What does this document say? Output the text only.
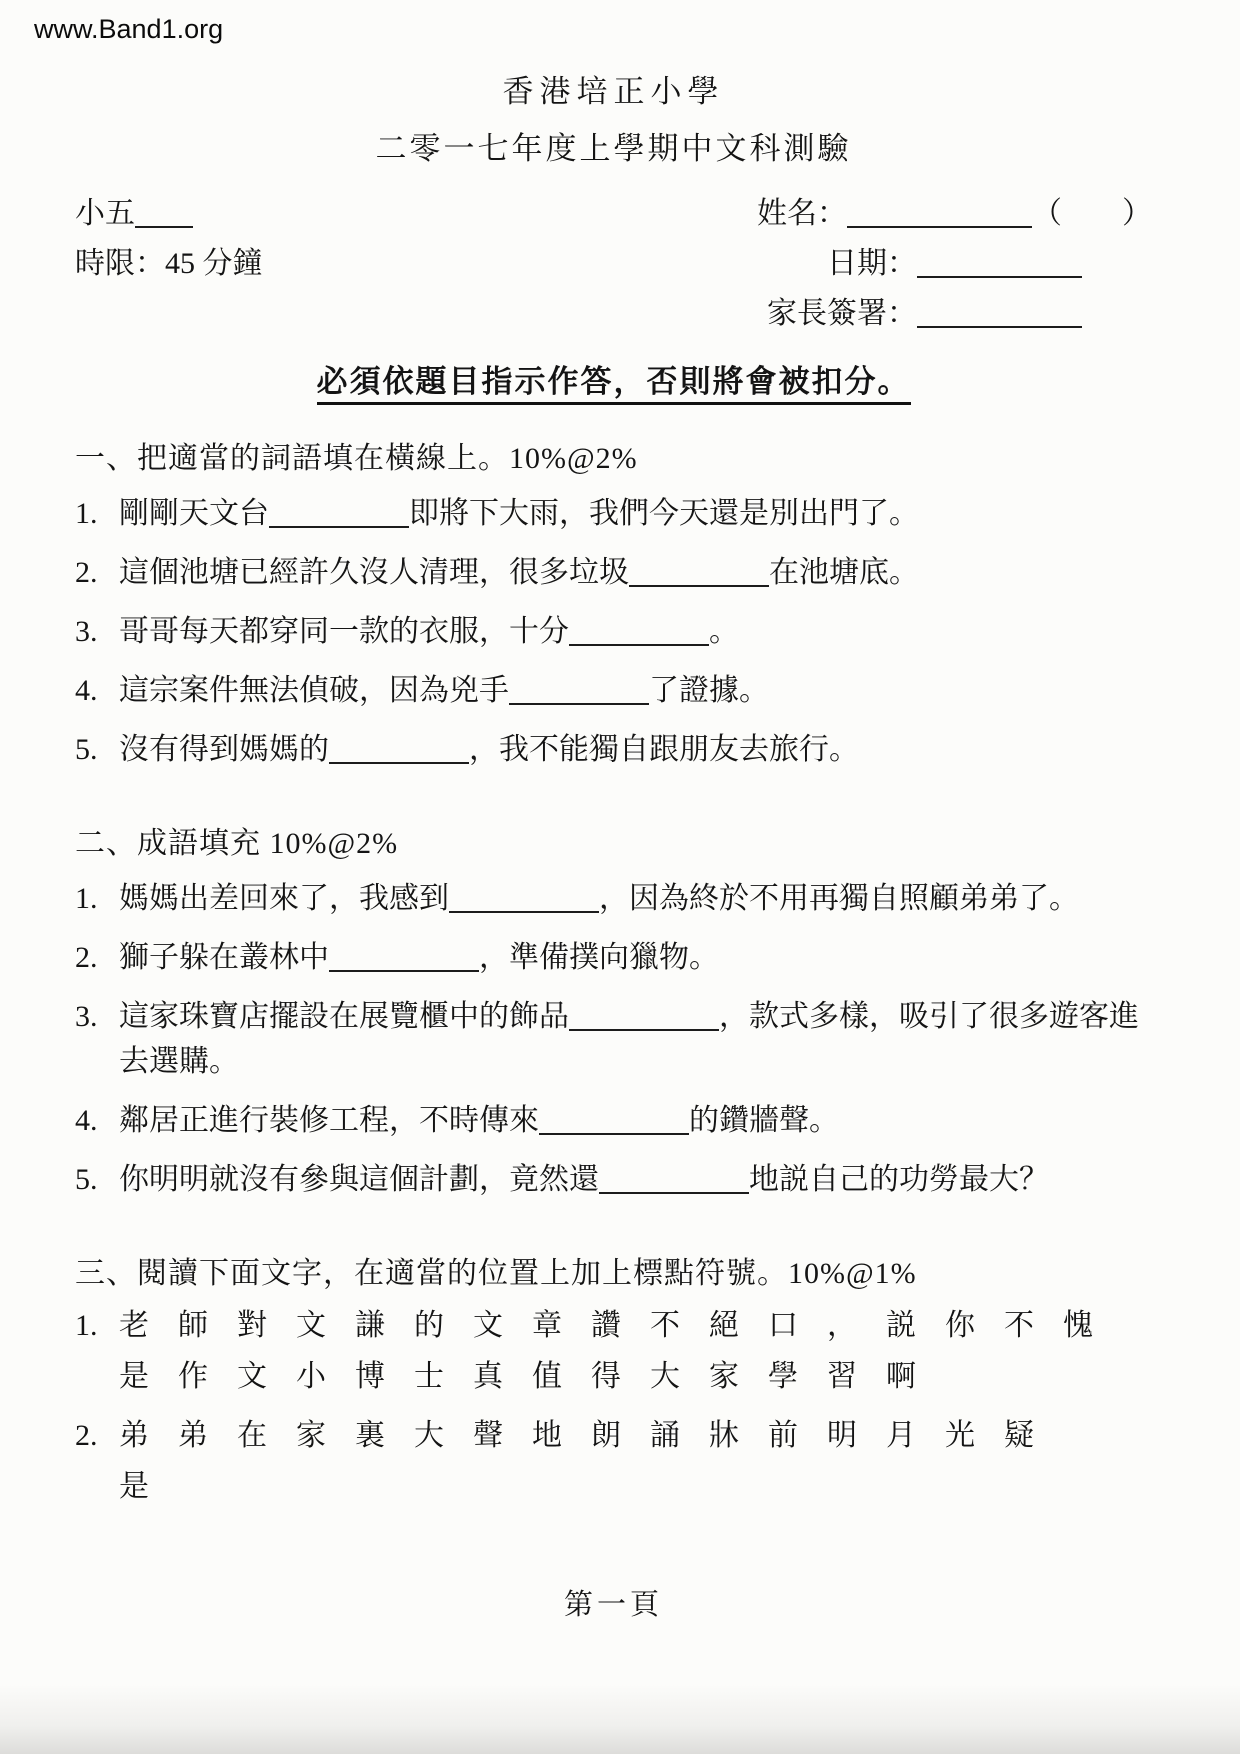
www.Band1.org
香港培正小學
二零一七年度上學期中文科測驗
小五
時限：45 分鐘
姓名：	（　　）
日期：
家長簽署：
必須依題目指示作答，否則將會被扣分。
一、把適當的詞語填在橫線上。10%@2%
1. 剛剛天文台	即將下大雨，我們今天還是別出門了。
2. 這個池塘已經許久沒人清理，很多垃圾	在池塘底。
3. 哥哥每天都穿同一款的衣服，十分	。
4. 這宗案件無法偵破，因為兇手	了證據。
5. 沒有得到媽媽的	，我不能獨自跟朋友去旅行。
二、成語填充 10%@2%
1. 媽媽出差回來了，我感到	，因為終於不用再獨自照顧弟弟了。
2. 獅子躲在叢林中	，準備撲向獵物。
3. 這家珠寶店擺設在展覽櫃中的飾品	，款式多樣，吸引了很多遊客進去選購。
4. 鄰居正進行裝修工程，不時傳來	的鑽牆聲。
5. 你明明就沒有參與這個計劃，竟然還	地説自己的功勞最大？
三、閱讀下面文字，在適當的位置上加上標點符號。10%@1%
1. 老師對文謙的文章讚不絕口，説你不愧
是作文小博士真值得大家學習啊
2. 弟弟在家裏大聲地朗誦牀前明月光疑
是
第一頁
